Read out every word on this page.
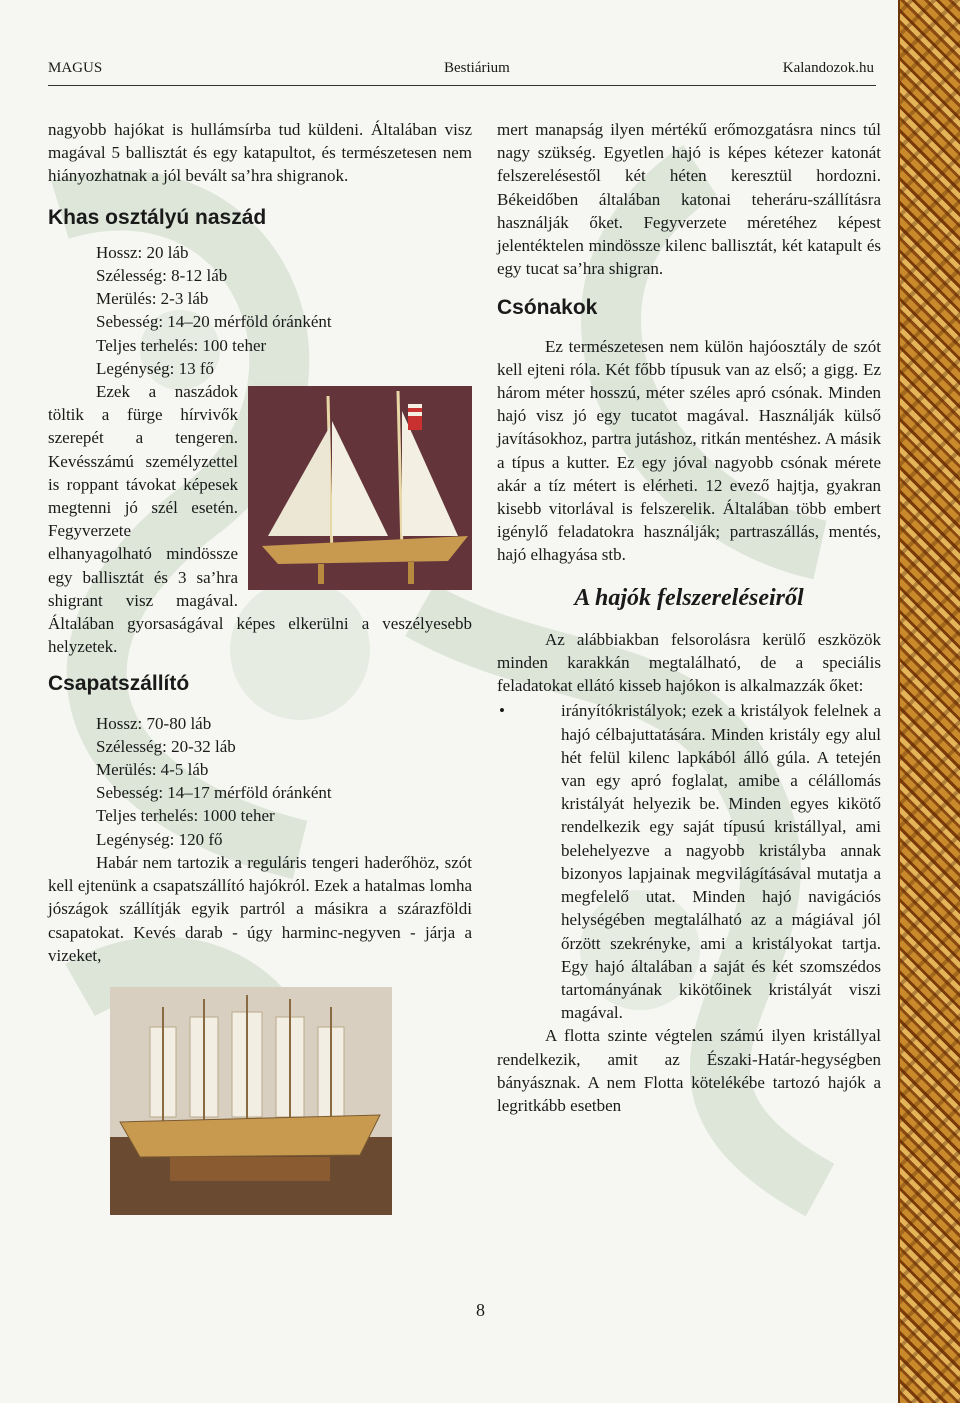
MAGUS	Bestiárium	Kalandozok.hu

nagyobb hajókat is hullámsírba tud küldeni. Általában visz magával 5 ballisztát és egy katapultot, és természetesen nem hiányozhatnak a jól bevált sa’hra shigranok.

Khas osztályú naszád
Hossz: 20 láb
Szélesség: 8-12 láb
Merülés: 2-3 láb
Sebesség: 14–20 mérföld óránként
Teljes terhelés: 100 teher
Legénység: 13 fő

Ezek a naszádok töltik a fürge hírvivők szerepét a tengeren. Kevésszámú személyzettel is roppant távokat képesek megtenni jó szél esetén. Fegyverzete elhanyagolható mindössze egy ballisztát és 3 sa’hra shigrant visz magával. Általában gyorsaságával képes elkerülni a veszélyesebb helyzetek.

Csapatszállító
Hossz: 70-80 láb
Szélesség: 20-32 láb
Merülés: 4-5 láb
Sebesség: 14–17 mérföld óránként
Teljes terhelés: 1000 teher
Legénység: 120 fő

Habár nem tartozik a reguláris tengeri haderőhöz, szót kell ejtenünk a csapatszállító hajókról. Ezek a hatalmas lomha jószágok szállítják egyik partról a másikra a szárazföldi csapatokat. Kevés darab - úgy harminc-negyven - járja a vizeket,

mert manapság ilyen mértékű erőmozgatásra nincs túl nagy szükség. Egyetlen hajó is képes kétezer katonát felszerelésestől két héten keresztül hordozni. Békeidőben általában katonai teheráru-szállításra használják őket. Fegyverzete méretéhez képest jelentéktelen mindössze kilenc ballisztát, két katapult és egy tucat sa’hra shigran.

Csónakok

Ez természetesen nem külön hajóosztály de szót kell ejteni róla. Két főbb típusuk van az első; a gigg. Ez három méter hosszú, méter széles apró csónak. Minden hajó visz jó egy tucatot magával. Használják külső javításokhoz, partra jutáshoz, ritkán mentéshez. A másik a típus a kutter. Ez egy jóval nagyobb csónak mérete akár a tíz métert is elérheti. 12 evező hajtja, gyakran kisebb vitorlával is felszerelik. Általában több embert igénylő feladatokra használják; partraszállás, mentés, hajó elhagyása stb.

A hajók felszereléseiről

Az alábbiakban felsorolásra kerülő eszközök minden karakkán megtalálható, de a speciális feladatokat ellátó kisseb hajókon is alkalmazzák őket:

•	irányítókristályok; ezek a kristályok felelnek a hajó célbajuttatására. Minden kristály egy alul hét felül kilenc lapkából álló gúla. A tetején van egy apró foglalat, amibe a célállomás kristályát helyezik be. Minden egyes kikötő rendelkezik egy saját típusú kristállyal, ami belehelyezve a nagyobb kristályba annak bizonyos lapjainak megvilágításával mutatja a megfelelő utat. Minden hajó navigációs helységében megtalálható az a mágiával jól őrzött szekrényke, ami a kristályokat tartja. Egy hajó általában a saját és két szomszédos tartományának kikötőinek kristályát viszi magával.

A flotta szinte végtelen számú ilyen kristállyal rendelkezik, amit az Északi-Határ-hegységben bányásznak. A nem Flotta kötelékébe tartozó hajók a legritkább esetben

8
